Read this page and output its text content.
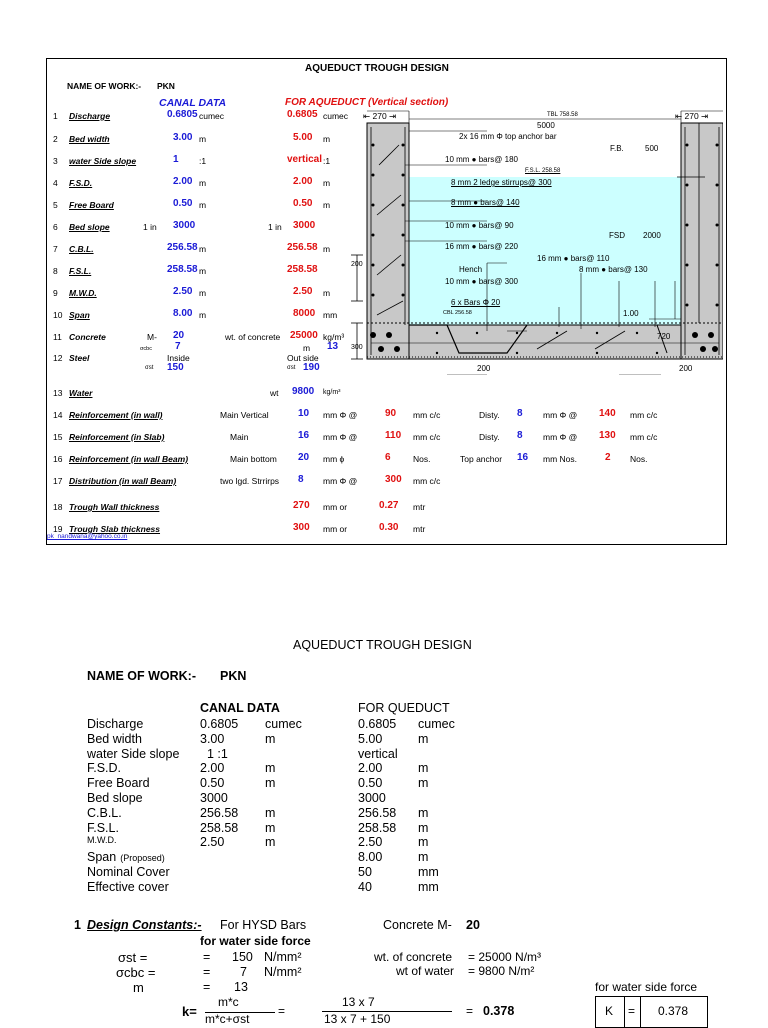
AQUEDUCT TROUGH DESIGN
NAME OF WORK:- PKN
CANAL DATA	FOR AQUEDUCT (Vertical section)
1 Discharge	0.6805 cumec	0.6805 cumec
2 Bed width	3.00 m	5.00 m
3 water Side slope	1 :1	vertical :1
4 F.S.D.	2.00 m	2.00 m
5 Free Board	0.50 m	0.50 m
6 Bed slope	1 in 3000	1 in 3000
7 C.B.L.	256.58 m	256.58 m
8 F.S.L.	258.58 m	258.58
9 M.W.D.	2.50 m	2.50 m
10 Span	8.00 m	8000 mm
11 Concrete	M- 20
σcbc 7
wt. of concrete 25000 kg/m³
m 13
12 Steel	Inside
σst 150
Out side
σst 190
13 Water	wt 9800 kg/m³
14 Reinforcement (in wall)	Main Vertical	10 mm Φ @	90 mm c/c	Disty. 8 mm Φ @ 140 mm c/c
15 Reinforcement (in Slab)	Main	16 mm Φ @	110 mm c/c	Disty. 8 mm Φ @ 130 mm c/c
16 Reinforcement (in wall Beam)	Main bottom 20 mm ϕ	6	Nos.	Top anchor 16 mm Nos.	2 Nos.
17 Distribution (in wall Beam)	two lgd. Strrirps 8 mm Φ @	300 mm c/c
18 Trough Wall thickness	270 mm or	0.27 mtr
19 Trough Slab thickness	300 mm or	0.30 mtr
pk_nandwana@yahoo.co.in
TBL 758.58
5000
⇤ 270 ⇥	⇤ 270 ⇥
2x 16 mm Φ top anchor bar
F.B.	500
10 mm ● bars@ 180
F.S.L. 258.58
8 mm 2 ledge stirrups@ 300
8 mm ● bars@ 140
10 mm ● bars@ 90
FSD 2000
16 mm ● bars@ 220
16 mm ● bars@ 110
8 mm ● bars@ 130
200
Hench
10 mm ● bars@ 300
6 x Bars Φ 20
CBL 256.58	1.00
720
300
200	200
AQUEDUCT TROUGH DESIGN
NAME OF WORK:- PKN
CANAL DATA	FOR QUEDUCT
Discharge	0.6805 cumec	0.6805 cumec
Bed width	3.00	m	5.00	m
water Side slope 1 :1	vertical
F.S.D.	2.00	m	2.00	m
Free Board	0.50	m	0.50	m
Bed slope	3000	3000
C.B.L.	256.58 m	256.58 m
F.S.L.	258.58 m	258.58 m
M.W.D.	2.50	m	2.50	m
Span (Proposed)	8.00	m
Nominal Cover	50	mm
Effective cover	40	mm
1 Design Constants:- For HYSD Bars	Concrete M- 20
for water side force
σst =	= 150 N/mm²
σcbc =	= 7 N/mm²
m	= 13
wt. of concrete = 25000 N/m³
wt of water = 9800 N/m²
k=
m*c
m*c+σst
=
13 x 7
13 x 7 + 150
= 0.378
for water side force
K = 0.378
